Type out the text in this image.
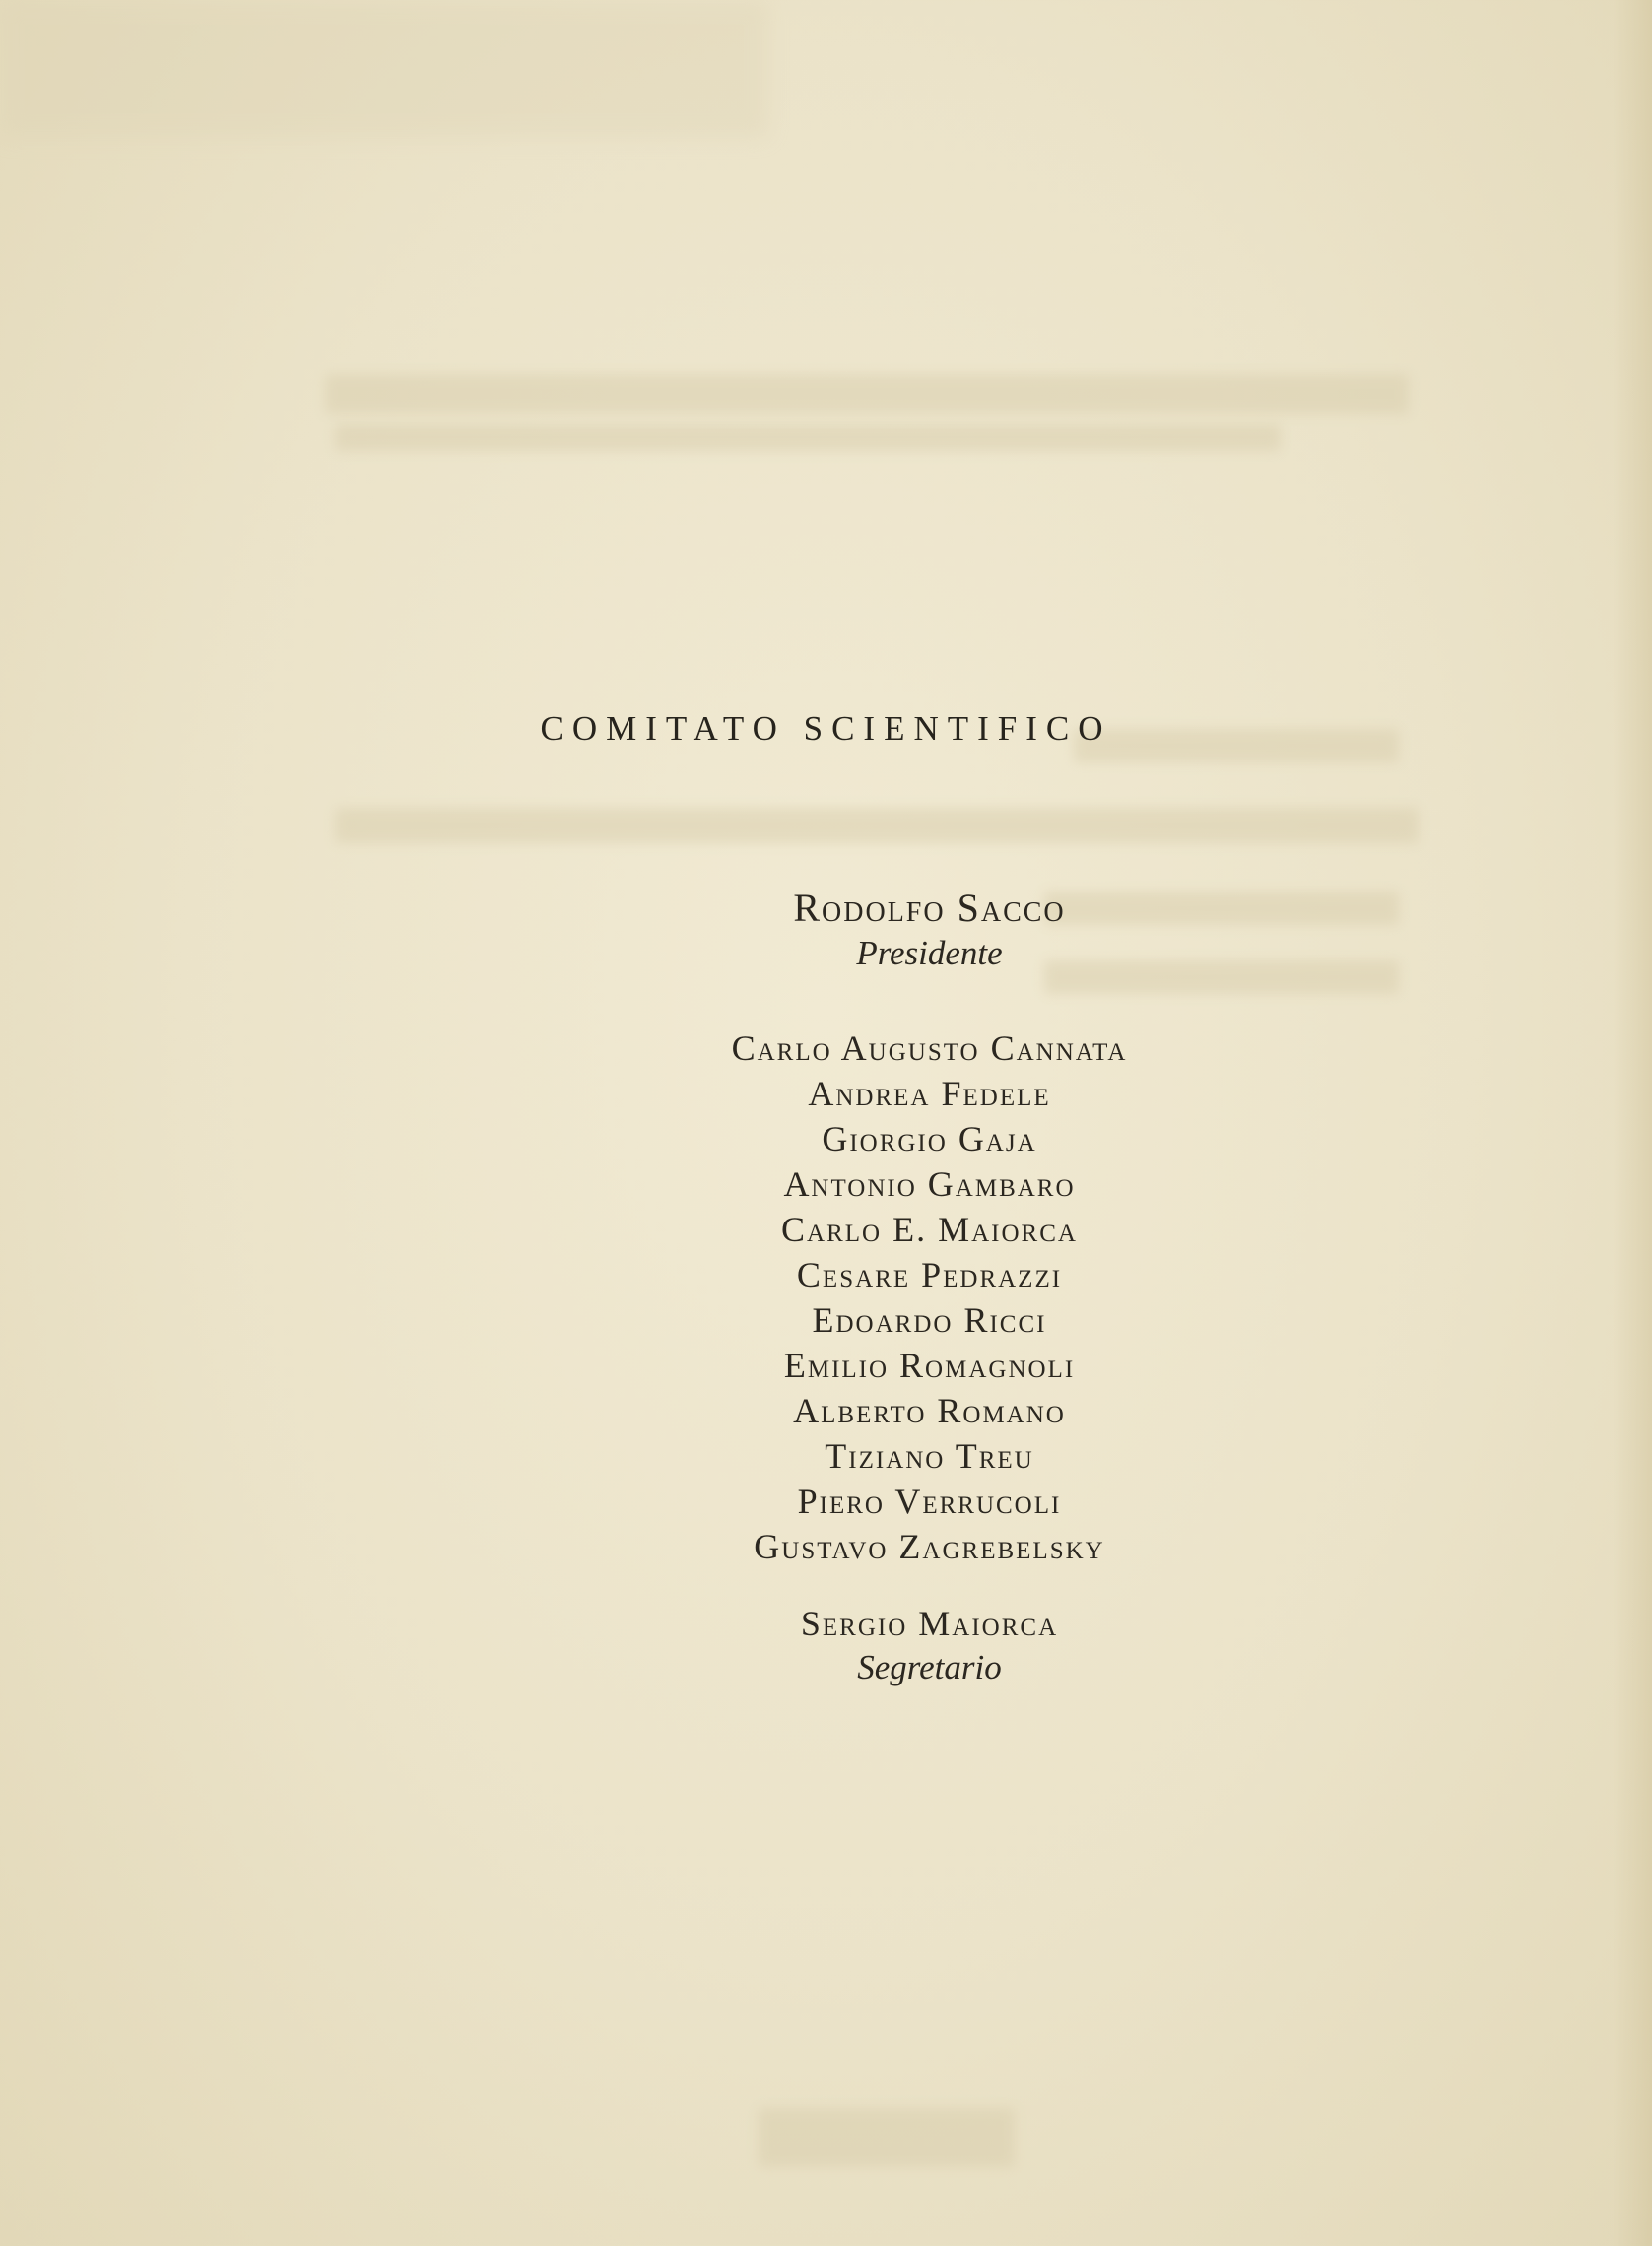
COMITATO SCIENTIFICO
Rodolfo Sacco
Presidente
Carlo Augusto Cannata
Andrea Fedele
Giorgio Gaja
Antonio Gambaro
Carlo E. Maiorca
Cesare Pedrazzi
Edoardo Ricci
Emilio Romagnoli
Alberto Romano
Tiziano Treu
Piero Verrucoli
Gustavo Zagrebelsky
Sergio Maiorca
Segretario
